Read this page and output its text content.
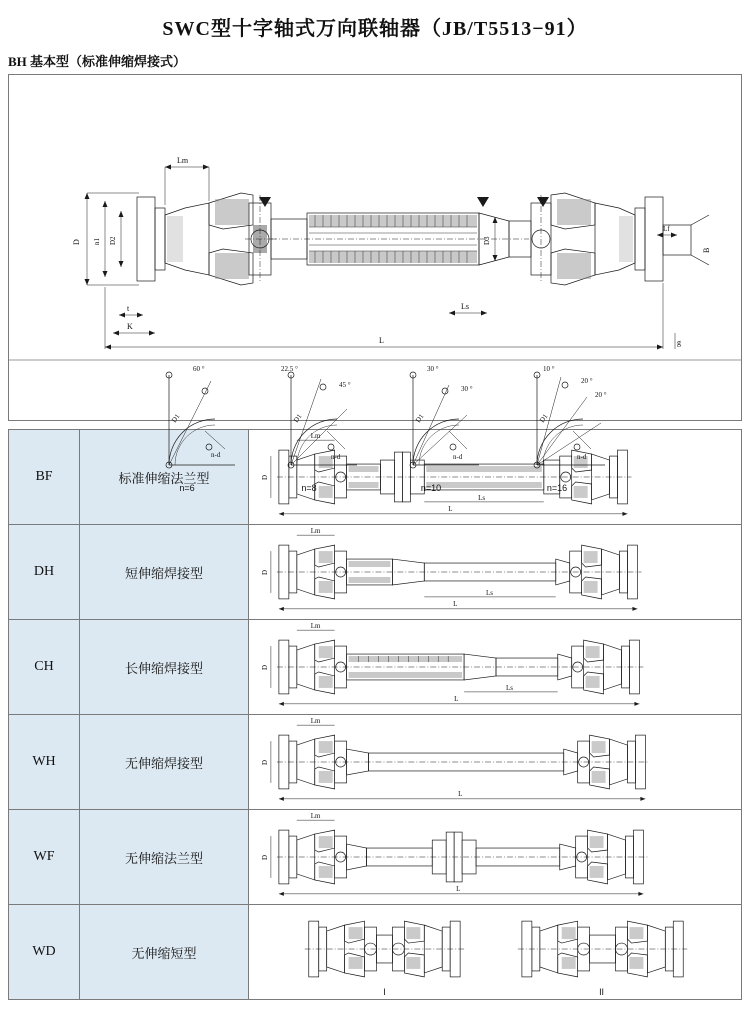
SWC型十字轴式万向联轴器（JB/T5513−91）
BH 基本型（标准伸缩焊接式）
Lm
D n1 D2	D3
t
K
Ls
Lf
B
L	g
60 °
D1
n-d
n=6
22.5 °
45 °
D1
n-d
n=8
30 °
30 °
D1
n-d
n=10
10 °
20 °
20 °
D1
n-d
n=16
BF	标准伸缩法兰型	L
Lm
Ls
D

DH	短伸缩焊接型	L
Lm
Ls
D

CH	长伸缩焊接型	L
Lm
Ls
D

WH	无伸缩焊接型	L
Lm
D

WF	无伸缩法兰型	L
Lm
D

WD	无伸缩短型	I II
